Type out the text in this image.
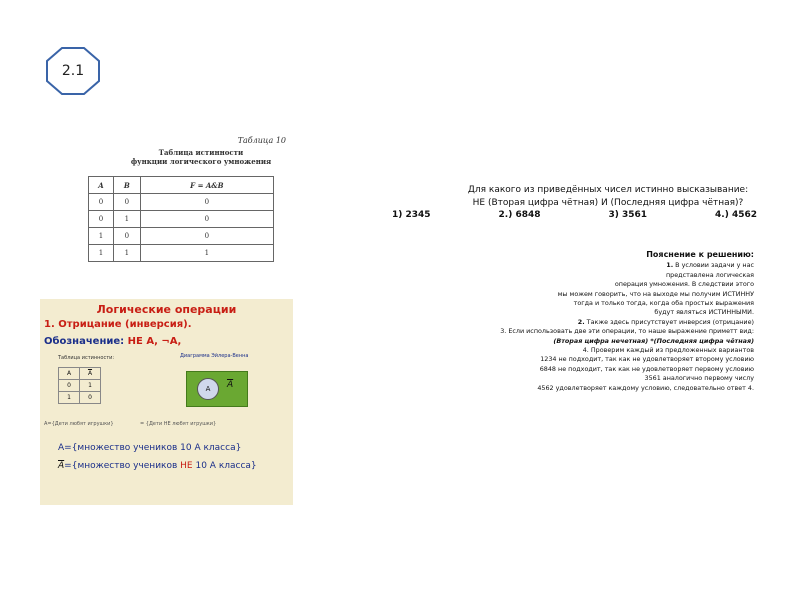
2.1
Таблица 10
Таблица истинности
функции логического умножения
A	B	F = A&B
0	0	0
0	1	0
1	0	0
1	1	1
Логические операции
1. Отрицание (инверсия).
Обозначение: НЕ А, ¬А,
Таблица истинности:
А	А
0	1
1	0
Диаграмма Эйлера-Венна
А	А
А={Дети любят игрушки}	= {Дети НЕ любят игрушки}
А={множество учеников 10 А класса}
А={множество учеников НЕ 10 А класса}
Для какого из приведённых чисел истинно высказывание:
НЕ (Вторая цифра чётная) И (Последняя цифра чётная)?
1) 2345	2.) 6848	3) 3561	4.) 4562
Пояснение к решению:
1. В условии задачи у нас
представлена логическая
операция умножения. В следствии этого
мы можем говорить, что на выходе мы получим ИСТИННУ
тогда и только тогда, когда оба простых выражения
будут являться ИСТИННЫМИ.
2. Также здесь присутствует инверсия (отрицание)
3. Если использовать две эти операции, то наше выражение приметт вид:
(Вторая цифра нечетная) *(Последняя цифра чётная)
4. Проверим каждый из предложенных вариантов
1234 не подходит, так как не удовлетворяет второму условию
6848 не подходит, так как не удовлетворяет первому условию
3561 аналогично первому числу
4562 удовлетворяет каждому условию, следовательно ответ 4.
